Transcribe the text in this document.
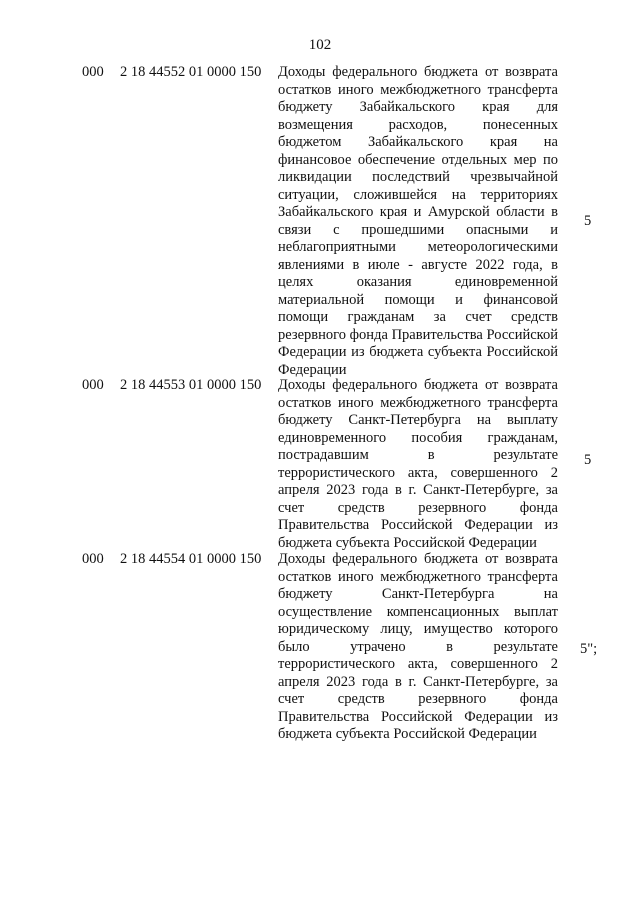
102
000 2 18 44552 01 0000 150 Доходы федерального бюджета от возврата остатков иного межбюджетного трансферта бюджету Забайкальского края для возмещения расходов, понесенных бюджетом Забайкальского края на финансовое обеспечение отдельных мер по ликвидации последствий чрезвычайной ситуации, сложившейся на территориях Забайкальского края и Амурской области в связи с прошедшими опасными и неблагоприятными метеорологическими явлениями в июле - августе 2022 года, в целях оказания единовременной материальной помощи и финансовой помощи гражданам за счет средств резервного фонда Правительства Российской Федерации из бюджета субъекта Российской Федерации

5
000 2 18 44553 01 0000 150 Доходы федерального бюджета от возврата остатков иного межбюджетного трансферта бюджету Санкт-Петербурга на выплату единовременного пособия гражданам, пострадавшим в результате террористического акта, совершенного 2 апреля 2023 года в г. Санкт-Петербурге, за счет средств резервного фонда Правительства Российской Федерации из бюджета субъекта Российской Федерации

5
000 2 18 44554 01 0000 150 Доходы федерального бюджета от возврата остатков иного межбюджетного трансферта бюджету Санкт-Петербурга на осуществление компенсационных выплат юридическому лицу, имущество которого было утрачено в результате террористического акта, совершенного 2 апреля 2023 года в г. Санкт-Петербурге, за счет средств резервного фонда Правительства Российской Федерации из бюджета субъекта Российской Федерации

5";
